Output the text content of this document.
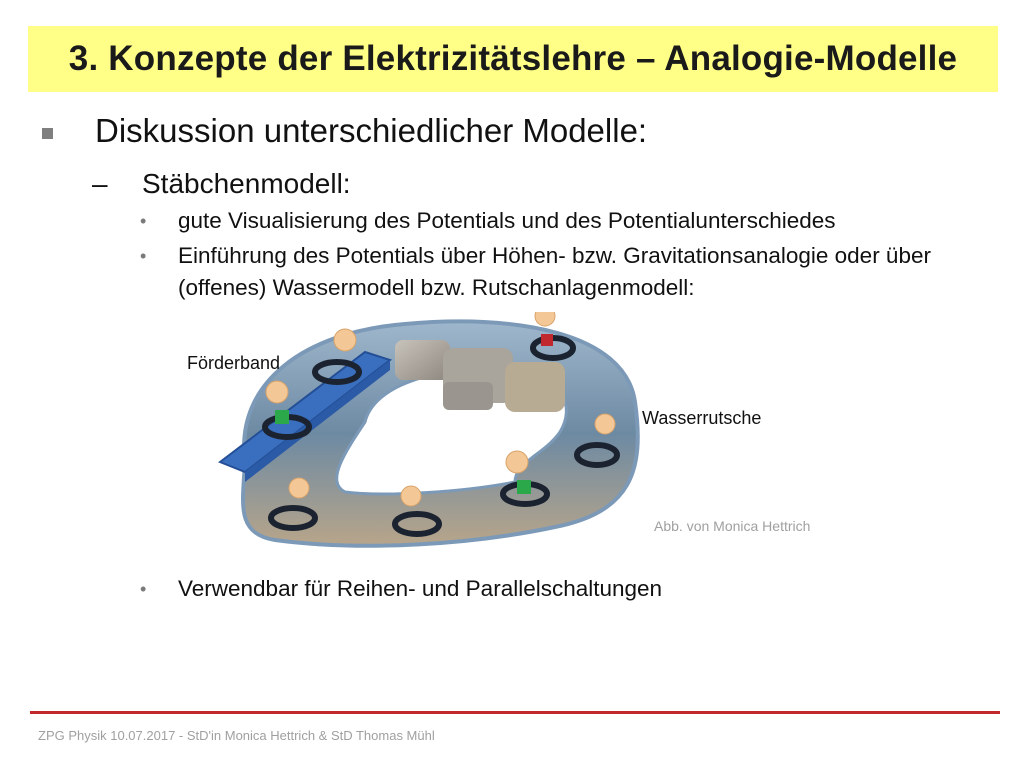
3. Konzepte der Elektrizitätslehre – Analogie-Modelle
Diskussion unterschiedlicher Modelle:
–	Stäbchenmodell:
•	gute Visualisierung des Potentials und des Potentialunterschiedes
•	Einführung des Potentials über Höhen- bzw. Gravitationsanalogie oder über (offenes) Wassermodell bzw. Rutschanlagenmodell:
Förderband
Wasserrutsche
Abb. von Monica Hettrich
•	Verwendbar für Reihen- und Parallelschaltungen
ZPG Physik 10.07.2017 - StD'in Monica Hettrich & StD Thomas Mühl
